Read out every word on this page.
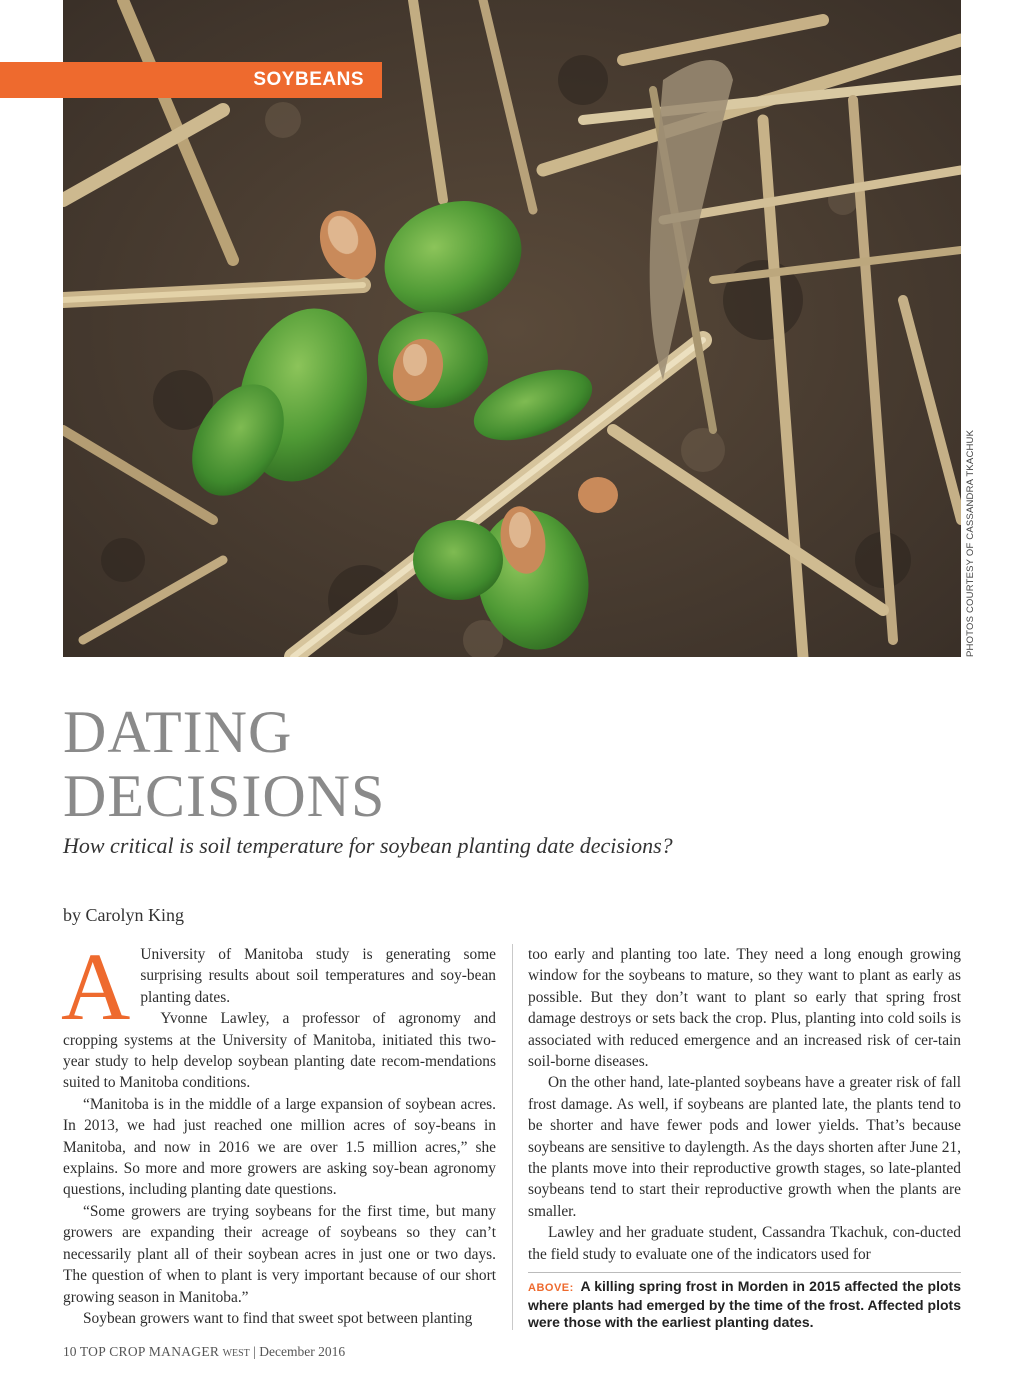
SOYBEANS
PHOTOS COURTESY OF CASSANDRA TKACHUK
DATING
DECISIONS
How critical is soil temperature for soybean planting date decisions?
by Carolyn King

A University of Manitoba study is generating some surprising results about soil temperatures and soy-bean planting dates.

Yvonne Lawley, a professor of agronomy and cropping systems at the University of Manitoba, initiated this two-year study to help develop soybean planting date recom-mendations suited to Manitoba conditions.

“Manitoba is in the middle of a large expansion of soybean acres. In 2013, we had just reached one million acres of soy-beans in Manitoba, and now in 2016 we are over 1.5 million acres,” she explains. So more and more growers are asking soy-bean agronomy questions, including planting date questions.

“Some growers are trying soybeans for the first time, but many growers are expanding their acreage of soybeans so they can’t necessarily plant all of their soybean acres in just one or two days. The question of when to plant is very important because of our short growing season in Manitoba.”

Soybean growers want to find that sweet spot between planting

too early and planting too late. They need a long enough growing window for the soybeans to mature, so they want to plant as early as possible. But they don’t want to plant so early that spring frost damage destroys or sets back the crop. Plus, planting into cold soils is associated with reduced emergence and an increased risk of cer-tain soil-borne diseases.

On the other hand, late-planted soybeans have a greater risk of fall frost damage. As well, if soybeans are planted late, the plants tend to be shorter and have fewer pods and lower yields. That’s because soybeans are sensitive to daylength. As the days shorten after June 21, the plants move into their reproductive growth stages, so late-planted soybeans tend to start their reproductive growth when the plants are smaller.

Lawley and her graduate student, Cassandra Tkachuk, con-ducted the field study to evaluate one of the indicators used for

ABOVE: A killing spring frost in Morden in 2015 affected the plots where plants had emerged by the time of the frost. Affected plots were those with the earliest planting dates.
10 TOP CROP MANAGER WEST | December 2016
